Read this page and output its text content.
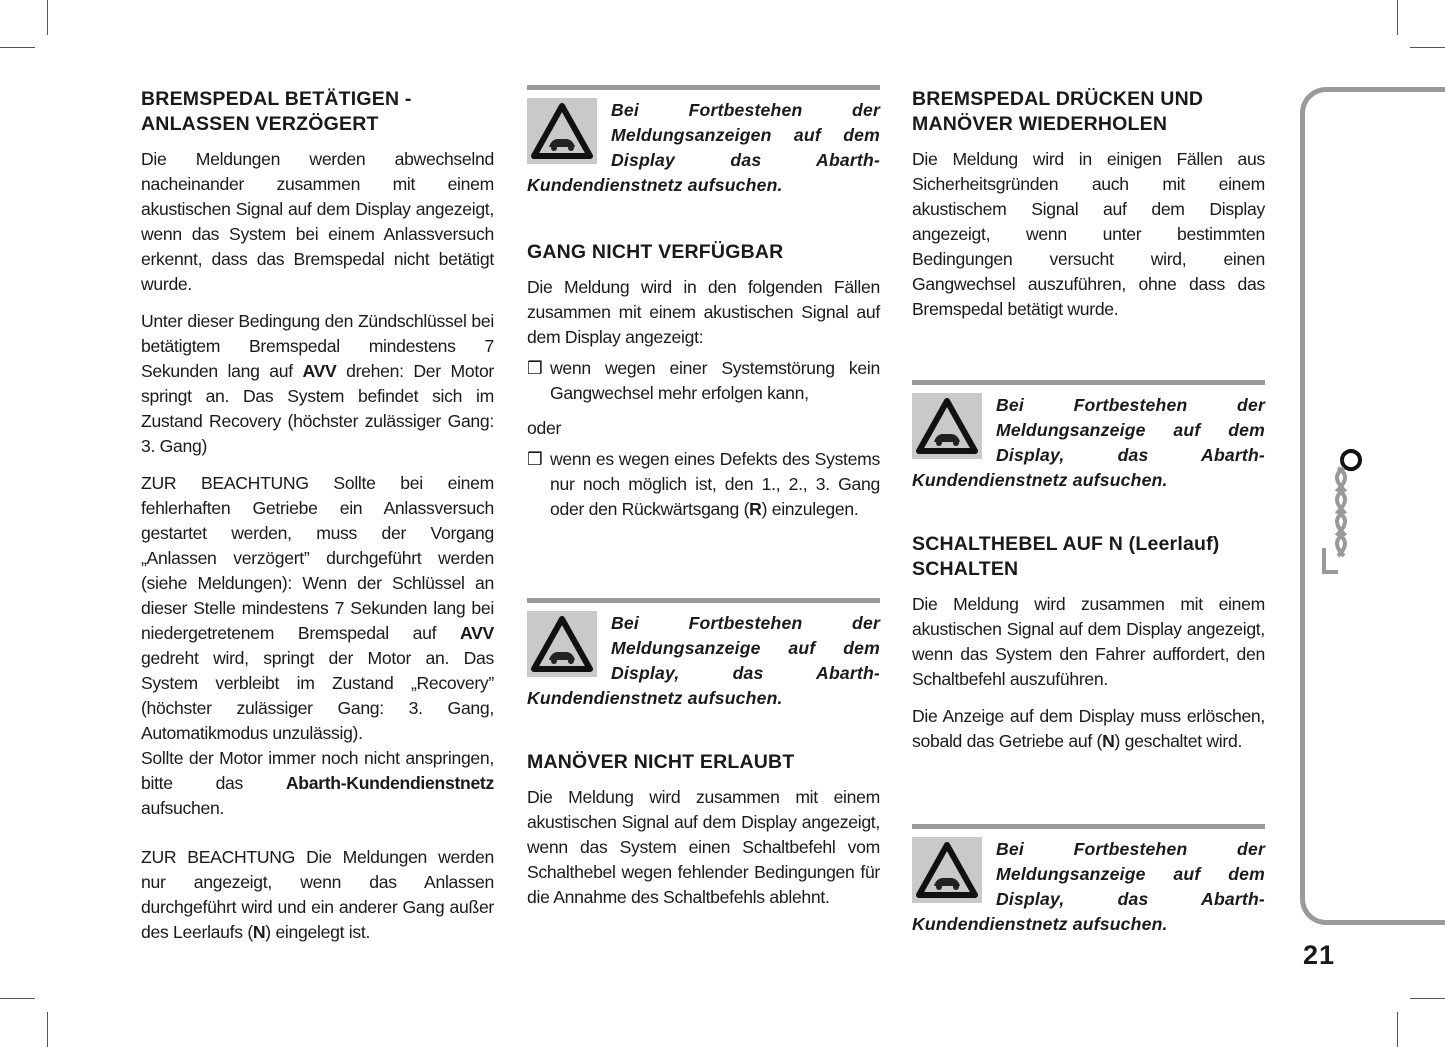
BREMSPEDAL BETÄTIGEN - ANLASSEN VERZÖGERT

Die Meldungen werden abwechselnd nacheinander zusammen mit einem akustischen Signal auf dem Display angezeigt, wenn das System bei einem Anlassversuch erkennt, dass das Bremspedal nicht betätigt wurde.

Unter dieser Bedingung den Zündschlüssel bei betätigtem Bremspedal mindestens 7 Sekunden lang auf AVV drehen: Der Motor springt an. Das System befindet sich im Zustand Recovery (höchster zulässiger Gang: 3. Gang)

ZUR BEACHTUNG Sollte bei einem fehlerhaften Getriebe ein Anlassversuch gestartet werden, muss der Vorgang „Anlassen verzögert” durchgeführt werden (siehe Meldungen): Wenn der Schlüssel an dieser Stelle mindestens 7 Sekunden lang bei niedergetretenem Bremspedal auf AVV gedreht wird, springt der Motor an. Das System verbleibt im Zustand „Recovery” (höchster zulässiger Gang: 3. Gang, Automatikmodus unzulässig).
Sollte der Motor immer noch nicht anspringen, bitte das Abarth-Kundendienstnetz aufsuchen.

ZUR BEACHTUNG Die Meldungen werden nur angezeigt, wenn das Anlassen durchgeführt wird und ein anderer Gang außer des Leerlaufs (N) eingelegt ist.

Bei Fortbestehen der Meldungsanzeigen auf dem Display das Abarth-Kundendienstnetz aufsuchen.

GANG NICHT VERFÜGBAR

Die Meldung wird in den folgenden Fällen zusammen mit einem akustischen Signal auf dem Display angezeigt:

❒ wenn wegen einer Systemstörung kein Gangwechsel mehr erfolgen kann,

oder

❒ wenn es wegen eines Defekts des Systems nur noch möglich ist, den 1., 2., 3. Gang oder den Rückwärtsgang (R) einzulegen.

Bei Fortbestehen der Meldungsanzeige auf dem Display, das Abarth-Kundendienstnetz aufsuchen.

MANÖVER NICHT ERLAUBT

Die Meldung wird zusammen mit einem akustischen Signal auf dem Display angezeigt, wenn das System einen Schaltbefehl vom Schalthebel wegen fehlender Bedingungen für die Annahme des Schaltbefehls ablehnt.

BREMSPEDAL DRÜCKEN UND MANÖVER WIEDERHOLEN

Die Meldung wird in einigen Fällen aus Sicherheitsgründen auch mit einem akustischem Signal auf dem Display angezeigt, wenn unter bestimmten Bedingungen versucht wird, einen Gangwechsel auszuführen, ohne dass das Bremspedal betätigt wurde.

Bei Fortbestehen der Meldungsanzeige auf dem Display, das Abarth-Kundendienstnetz aufsuchen.

SCHALTHEBEL AUF N (Leerlauf) SCHALTEN

Die Meldung wird zusammen mit einem akustischen Signal auf dem Display angezeigt, wenn das System den Fahrer auffordert, den Schaltbefehl auszuführen.

Die Anzeige auf dem Display muss erlöschen, sobald das Getriebe auf (N) geschaltet wird.

Bei Fortbestehen der Meldungsanzeige auf dem Display, das Abarth-Kundendienstnetz aufsuchen.

21
